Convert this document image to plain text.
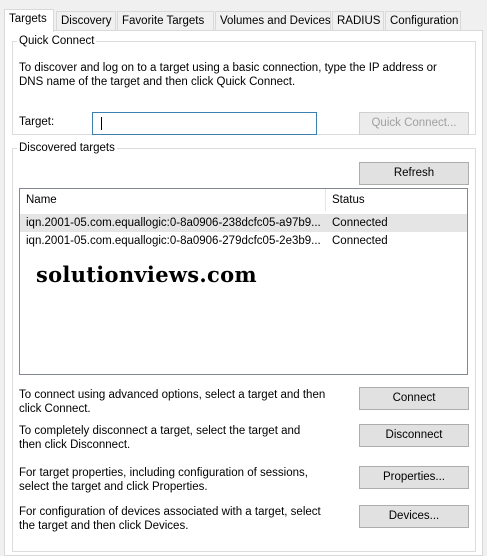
Targets	Discovery Favorite Targets	Volumes and Devices RADIUS Configuration
Quick Connect
To discover and log on to a target using a basic connection, type the IP address or DNS name of the target and then click Quick Connect.
Target:	Quick Connect...
Discovered targets
Refresh
Name	Status
iqn.2001-05.com.equallogic:0-8a0906-238dcfc05-a97b9... Connected
iqn.2001-05.com.equallogic:0-8a0906-279dcfc05-2e3b9... Connected
To connect using advanced options, select a target and then click Connect.
Connect
To completely disconnect a target, select the target and then click Disconnect.
Disconnect
For target properties, including configuration of sessions, select the target and click Properties.
Properties...
For configuration of devices associated with a target, select the target and then click Devices.
Devices...
solutionviews.com
